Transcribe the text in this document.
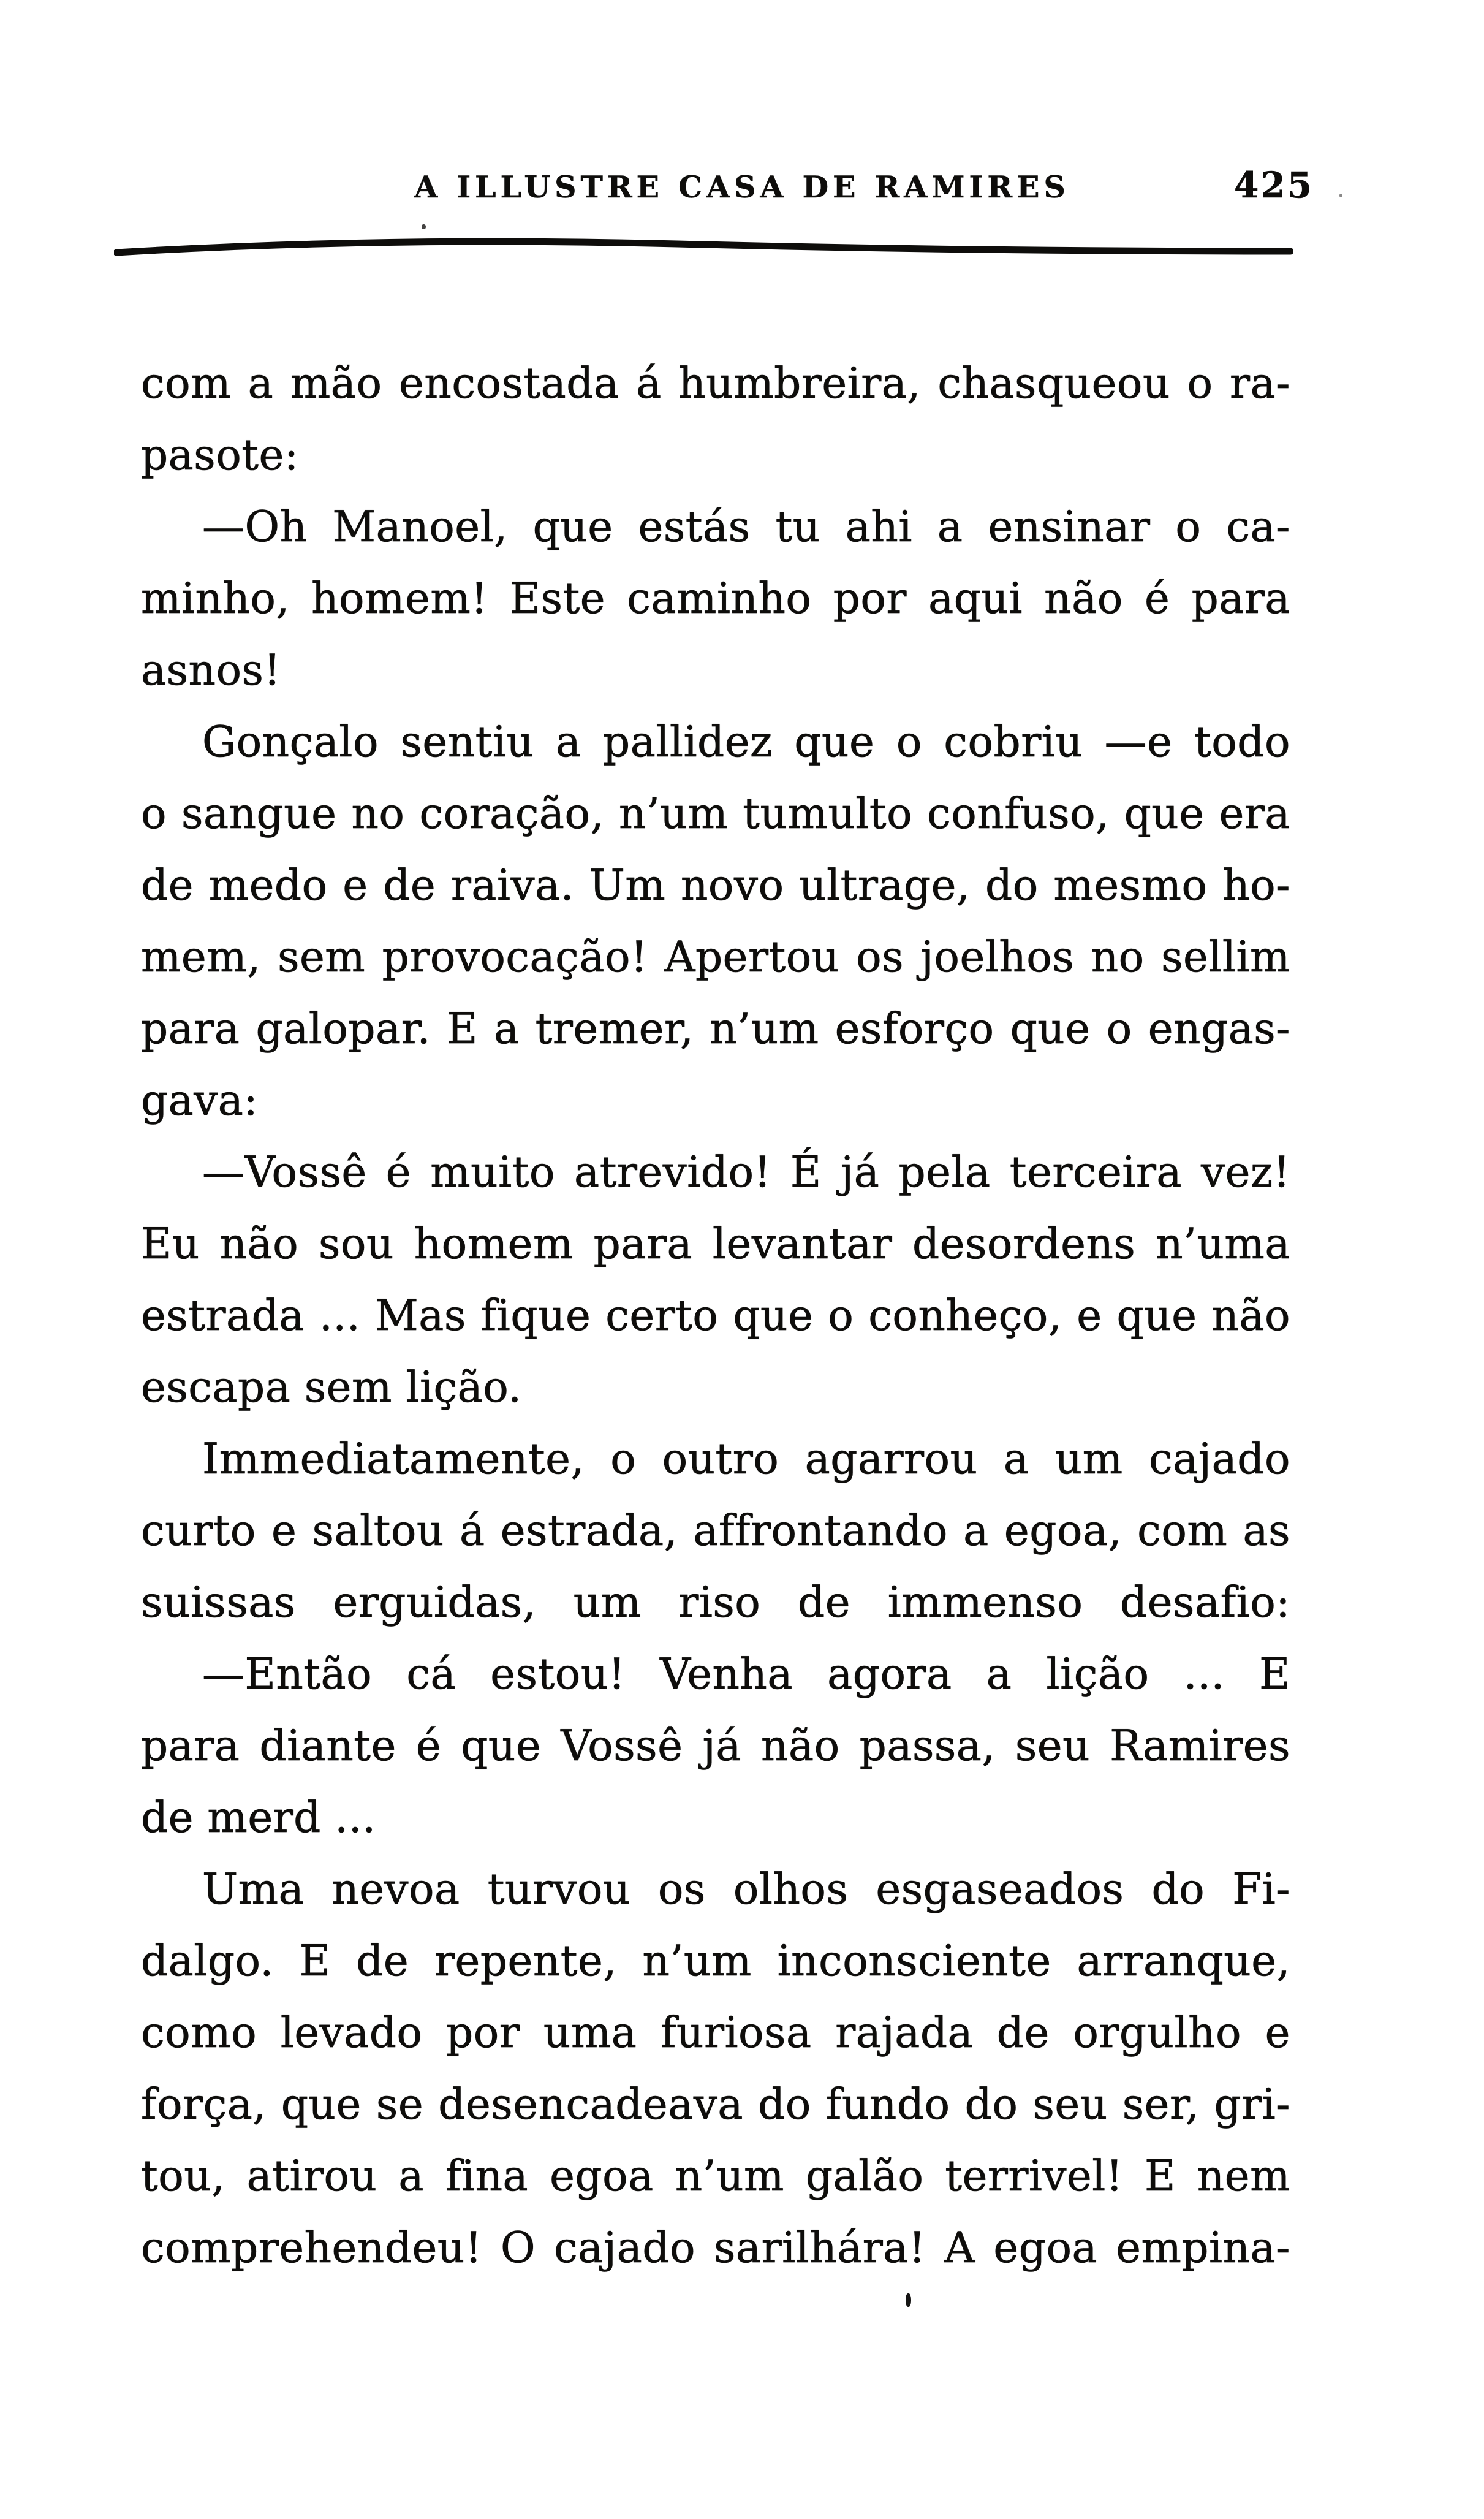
A ILLUSTRE CASA DE RAMIRES	425
com a mão encostada á humbreira, chasqueou o ra-
pasote:
—Oh Manoel, que estás tu ahi a ensinar o ca-
minho, homem! Este caminho por aqui não é para
asnos!
Gonçalo sentiu a pallidez que o cobriu —e todo
o sangue no coração, n’um tumulto confuso, que era
de medo e de raiva. Um novo ultrage, do mesmo ho-
mem, sem provocação! Apertou os joelhos no sellim
para galopar. E a tremer, n’um esforço que o engas-
gava:
—Vossê é muito atrevido! É já pela terceira vez!
Eu não sou homem para levantar desordens n’uma
estrada ... Mas fique certo que o conheço, e que não
escapa sem lição.
Immediatamente, o outro agarrou a um cajado
curto e saltou á estrada, affrontando a egoa, com as
suissas erguidas, um riso de immenso desafio:
—Então cá estou! Venha agora a lição ... E
para diante é que Vossê já não passa, seu Ramires
de merd ...
Uma nevoa turvou os olhos esgaseados do Fi-
dalgo. E de repente, n’um inconsciente arranque,
como levado por uma furiosa rajada de orgulho e
força, que se desencadeava do fundo do seu ser, gri-
tou, atirou a fina egoa n’um galão terrivel! E nem
comprehendeu! O cajado sarilhára! A egoa empina-
